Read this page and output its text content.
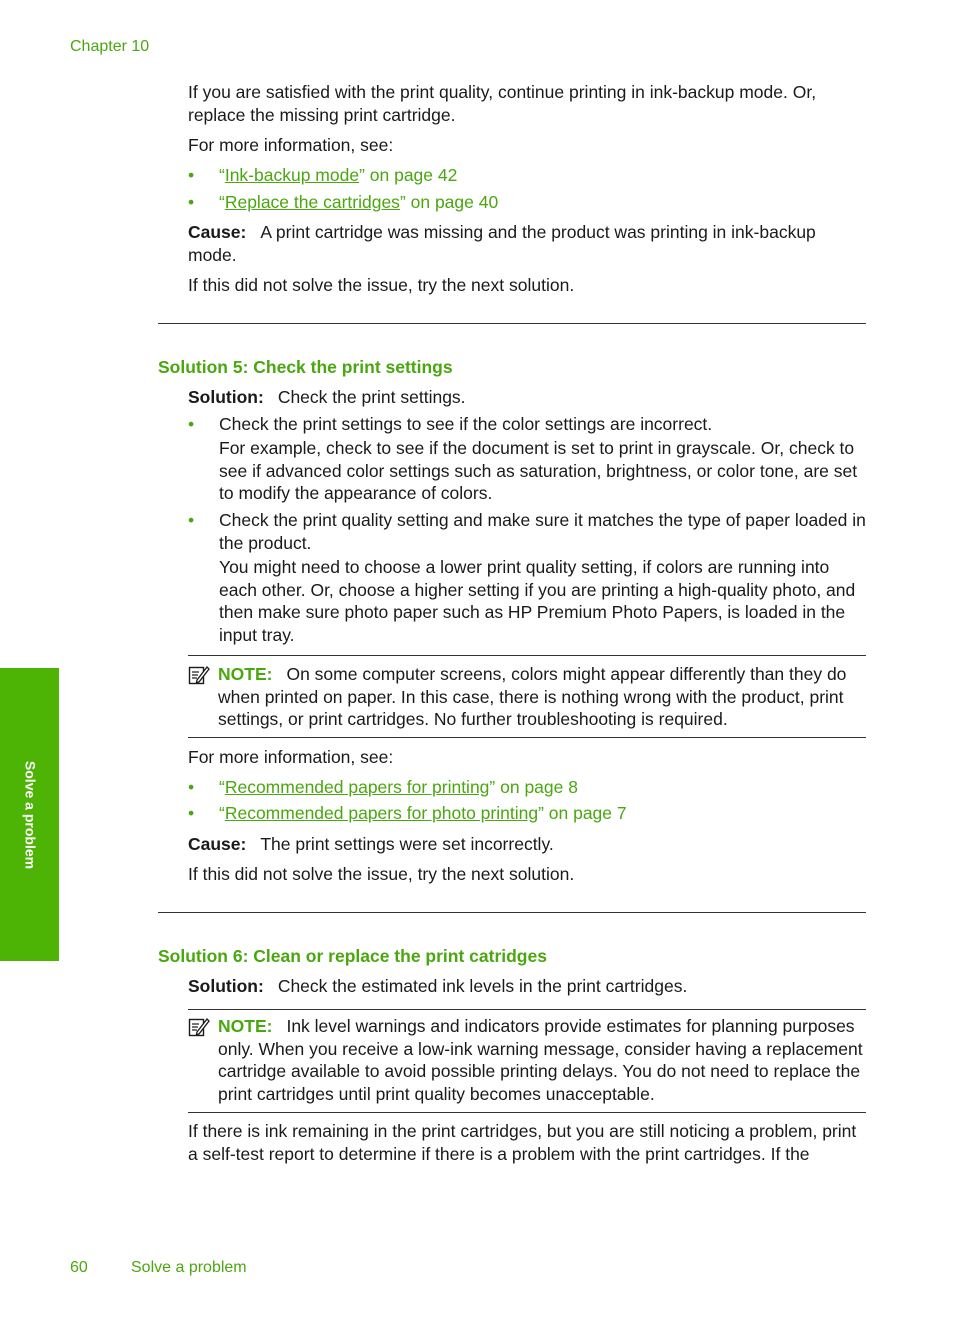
Chapter 10

If you are satisfied with the print quality, continue printing in ink-backup mode. Or, replace the missing print cartridge.

For more information, see:

• “Ink-backup mode” on page 42
• “Replace the cartridges” on page 40

Cause: A print cartridge was missing and the product was printing in ink-backup mode.

If this did not solve the issue, try the next solution.

Solution 5: Check the print settings

Solution: Check the print settings.

• Check the print settings to see if the color settings are incorrect.
For example, check to see if the document is set to print in grayscale. Or, check to see if advanced color settings such as saturation, brightness, or color tone, are set to modify the appearance of colors.
• Check the print quality setting and make sure it matches the type of paper loaded in the product.
You might need to choose a lower print quality setting, if colors are running into each other. Or, choose a higher setting if you are printing a high-quality photo, and then make sure photo paper such as HP Premium Photo Papers, is loaded in the input tray.
NOTE: On some computer screens, colors might appear differently than they do when printed on paper. In this case, there is nothing wrong with the product, print settings, or print cartridges. No further troubleshooting is required.

For more information, see:

• “Recommended papers for printing” on page 8
• “Recommended papers for photo printing” on page 7

Cause: The print settings were set incorrectly.

If this did not solve the issue, try the next solution.

Solution 6: Clean or replace the print catridges

Solution: Check the estimated ink levels in the print cartridges.

NOTE: Ink level warnings and indicators provide estimates for planning purposes only. When you receive a low-ink warning message, consider having a replacement cartridge available to avoid possible printing delays. You do not need to replace the print cartridges until print quality becomes unacceptable.

If there is ink remaining in the print cartridges, but you are still noticing a problem, print a self-test report to determine if there is a problem with the print cartridges. If the

Solve a problem
60	Solve a problem
